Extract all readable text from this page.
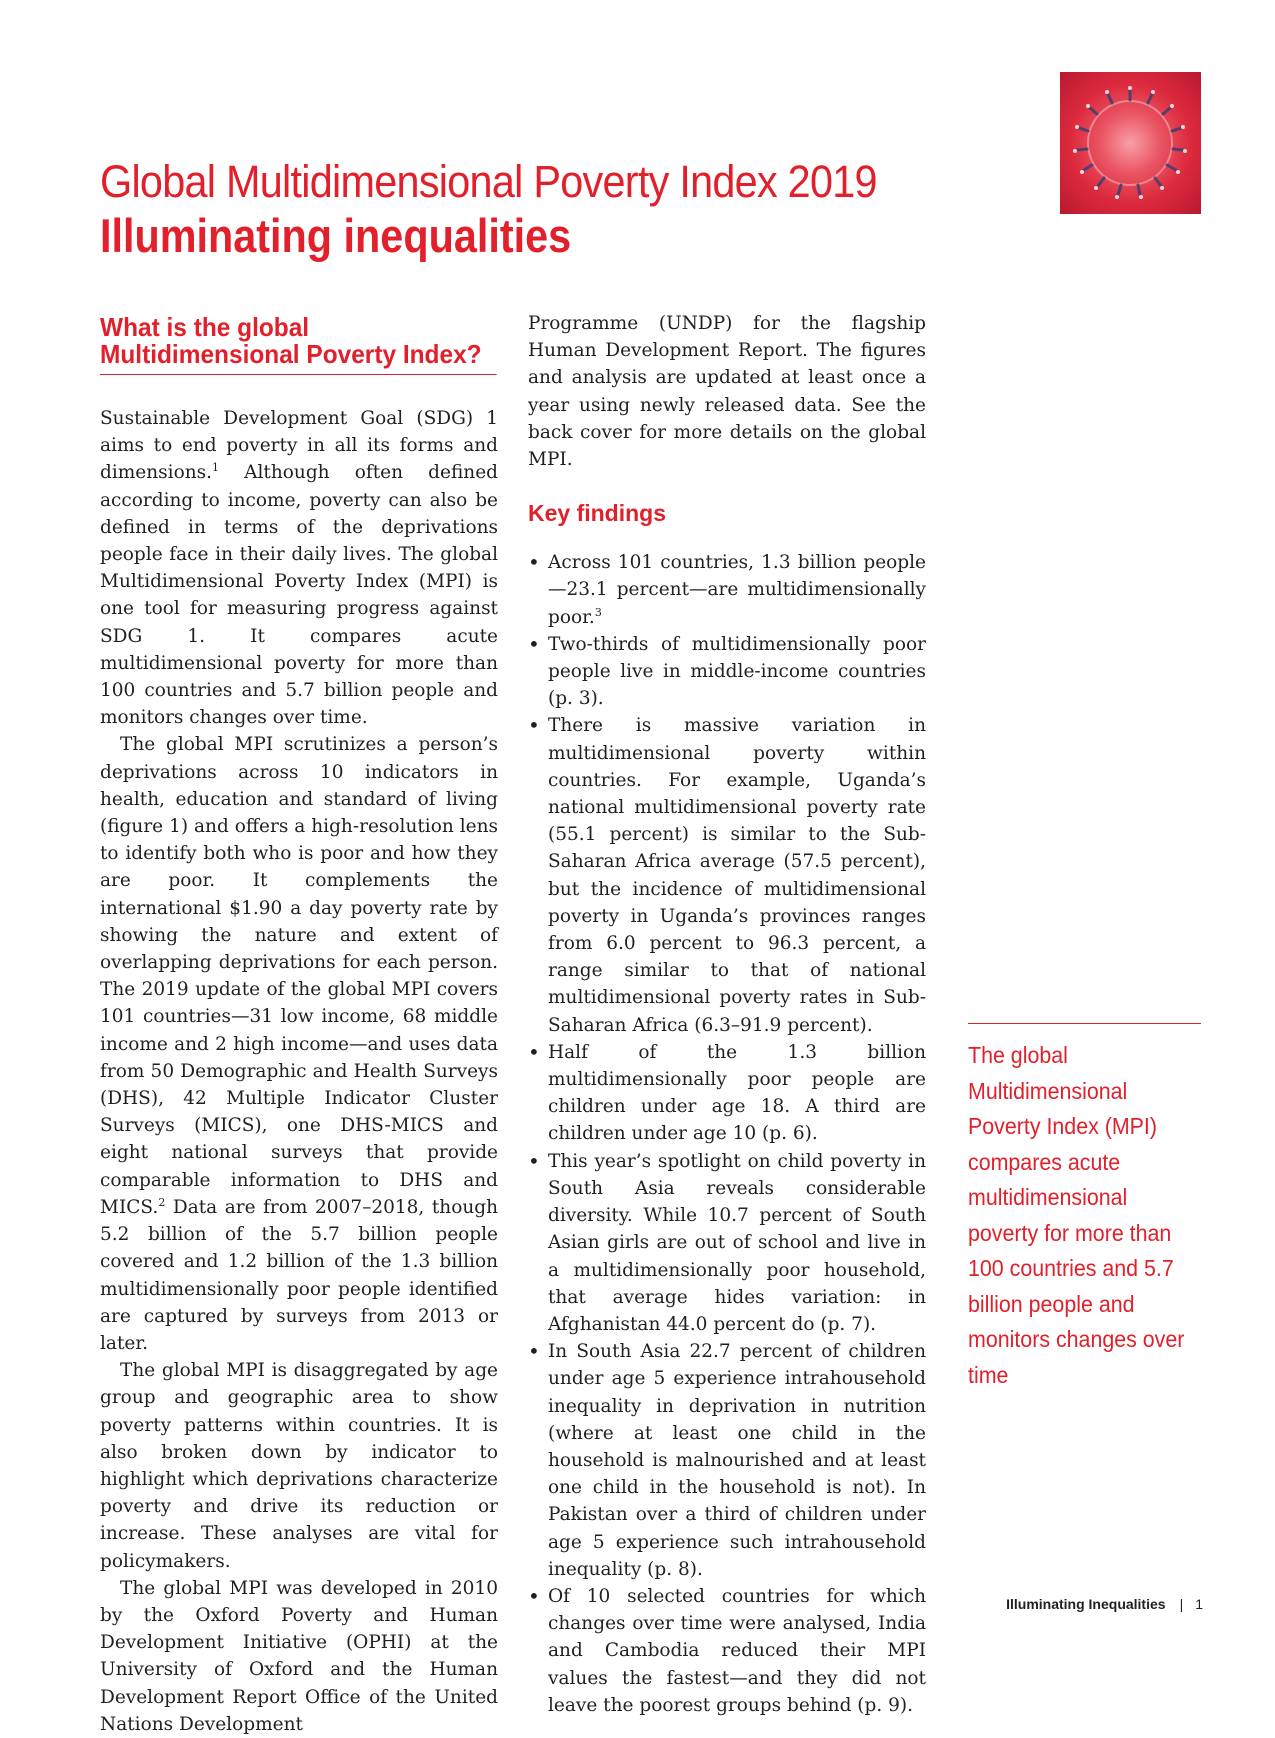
Global Multidimensional Poverty Index 2019
Illuminating inequalities
What is the global
Multidimensional Poverty Index?

Sustainable Development Goal (SDG) 1 aims to end poverty in all its forms and dimensions.$^1$ Although often defined according to income, poverty can also be defined in terms of the deprivations people face in their daily lives. The global Multidimensional Poverty Index (MPI) is one tool for measuring progress against SDG 1. It compares acute multidimensional poverty for more than 100 countries and 5.7 billion people and monitors changes over time.

The global MPI scrutinizes a person’s deprivations across 10 indicators in health, education and standard of living (figure 1) and offers a high-resolution lens to identify both who is poor and how they are poor. It complements the international $1.90 a day poverty rate by showing the nature and extent of overlapping deprivations for each person. The 2019 update of the global MPI covers 101 countries—31 low income, 68 middle income and 2 high income—and uses data from 50 Demographic and Health Surveys (DHS), 42 Multiple Indicator Cluster Surveys (MICS), one DHS-MICS and eight national surveys that provide comparable information to DHS and MICS.$^2$ Data are from 2007–2018, though 5.2 billion of the 5.7 billion people covered and 1.2 billion of the 1.3 billion multidimensionally poor people identified are captured by surveys from 2013 or later.

The global MPI is disaggregated by age group and geographic area to show poverty patterns within countries. It is also broken down by indicator to highlight which deprivations characterize poverty and drive its reduction or increase. These analyses are vital for policymakers.

The global MPI was developed in 2010 by the Oxford Poverty and Human Development Initiative (OPHI) at the University of Oxford and the Human Development Report Office of the United Nations Development

Programme (UNDP) for the flagship Human Development Report. The figures and analysis are updated at least once a year using newly released data. See the back cover for more details on the global MPI.

Key findings
• Across 101 countries, 1.3 billion people—23.1 percent—are multidimensionally poor.$^3$
• Two-thirds of multidimensionally poor people live in middle-income countries (p. 3).
• There is massive variation in multidimensional poverty within countries. For example, Uganda’s national multidimensional poverty rate (55.1 percent) is similar to the Sub-Saharan Africa average (57.5 percent), but the incidence of multidimensional poverty in Uganda’s provinces ranges from 6.0 percent to 96.3 percent, a range similar to that of national multidimensional poverty rates in Sub-Saharan Africa (6.3–91.9 percent).
• Half of the 1.3 billion multidimensionally poor people are children under age 18. A third are children under age 10 (p. 6).
• This year’s spotlight on child poverty in South Asia reveals considerable diversity. While 10.7 percent of South Asian girls are out of school and live in a multidimensionally poor household, that average hides variation: in Afghanistan 44.0 percent do (p. 7).
• In South Asia 22.7 percent of children under age 5 experience intrahousehold inequality in deprivation in nutrition (where at least one child in the household is malnourished and at least one child in the household is not). In Pakistan over a third of children under age 5 experience such intrahousehold inequality (p. 8).
• Of 10 selected countries for which changes over time were analysed, India and Cambodia reduced their MPI values the fastest—and they did not leave the poorest groups behind (p. 9).
The global Multidimensional Poverty Index (MPI) compares acute multidimensional poverty for more than 100 countries and 5.7 billion people and monitors changes over time
Illuminating Inequalities | 1
